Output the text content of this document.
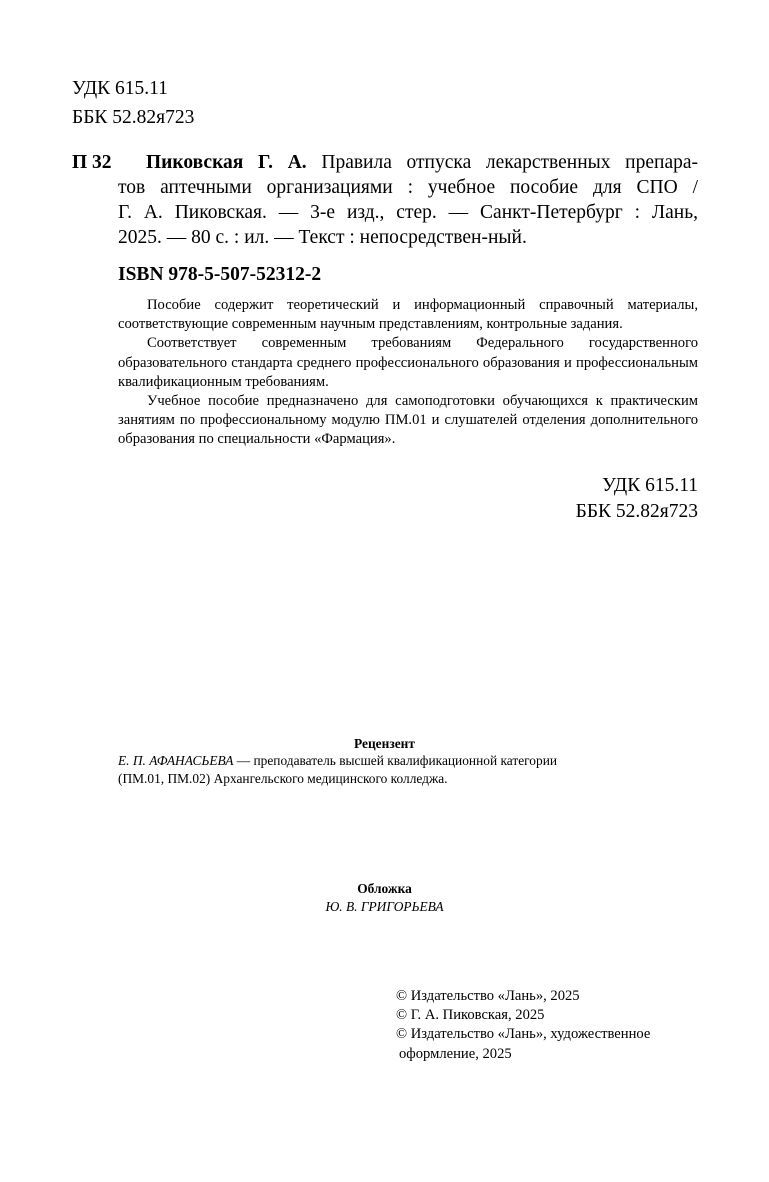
УДК 615.11
ББК 52.82я723
П 32 Пиковская Г. А. Правила отпуска лекарственных препара-
тов аптечными организациями : учебное пособие для СПО /
Г. А. Пиковская. — 3-е изд., стер. — Санкт-Петербург : Лань,
2025. — 80 с. : ил. — Текст : непосредствен-ный.
ISBN 978-5-507-52312-2

Пособие содержит теоретический и информационный справочный материалы, соответствующие современным научным представлениям, контрольные задания.

Соответствует современным требованиям Федерального государственного образовательного стандарта среднего профессионального образования и профессиональным квалификационным требованиям.

Учебное пособие предназначено для самоподготовки обучающихся к практическим занятиям по профессиональному модулю ПМ.01 и слушателей отделения дополнительного образования по специальности «Фармация».

УДК 615.11
ББК 52.82я723
Рецензент
Е. П. АФАНАСЬЕВА — преподаватель высшей квалификационной категории
(ПМ.01, ПМ.02) Архангельского медицинского колледжа.
Обложка
Ю. В. ГРИГОРЬЕВА
© Издательство «Лань», 2025
© Г. А. Пиковская, 2025
© Издательство «Лань», художественное
оформление, 2025
